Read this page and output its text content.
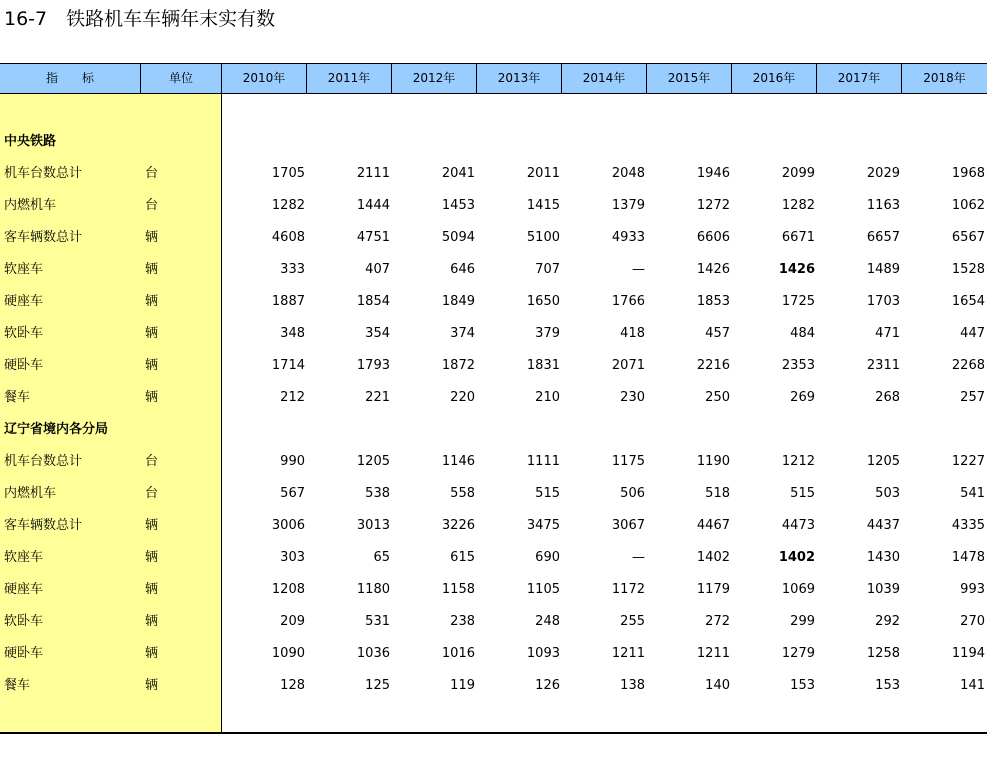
16-7　铁路机车车辆年末实有数
指　　标	单位	2010年	2011年	2012年	2013年	2014年	2015年	2016年	2017年	2018年
中央铁路
机车台数总计	台	1705	2111	2041	2011	2048	1946	2099	2029	1968
内燃机车	台	1282	1444	1453	1415	1379	1272	1282	1163	1062
客车辆数总计	辆	4608	4751	5094	5100	4933	6606	6671	6657	6567
软座车	辆	333	407	646	707	—	1426	1426	1489	1528
硬座车	辆	1887	1854	1849	1650	1766	1853	1725	1703	1654
软卧车	辆	348	354	374	379	418	457	484	471	447
硬卧车	辆	1714	1793	1872	1831	2071	2216	2353	2311	2268
餐车	辆	212	221	220	210	230	250	269	268	257
辽宁省境内各分局
机车台数总计	台	990	1205	1146	1111	1175	1190	1212	1205	1227
内燃机车	台	567	538	558	515	506	518	515	503	541
客车辆数总计	辆	3006	3013	3226	3475	3067	4467	4473	4437	4335
软座车	辆	303	65	615	690	—	1402	1402	1430	1478
硬座车	辆	1208	1180	1158	1105	1172	1179	1069	1039	993
软卧车	辆	209	531	238	248	255	272	299	292	270
硬卧车	辆	1090	1036	1016	1093	1211	1211	1279	1258	1194
餐车	辆	128	125	119	126	138	140	153	153	141
